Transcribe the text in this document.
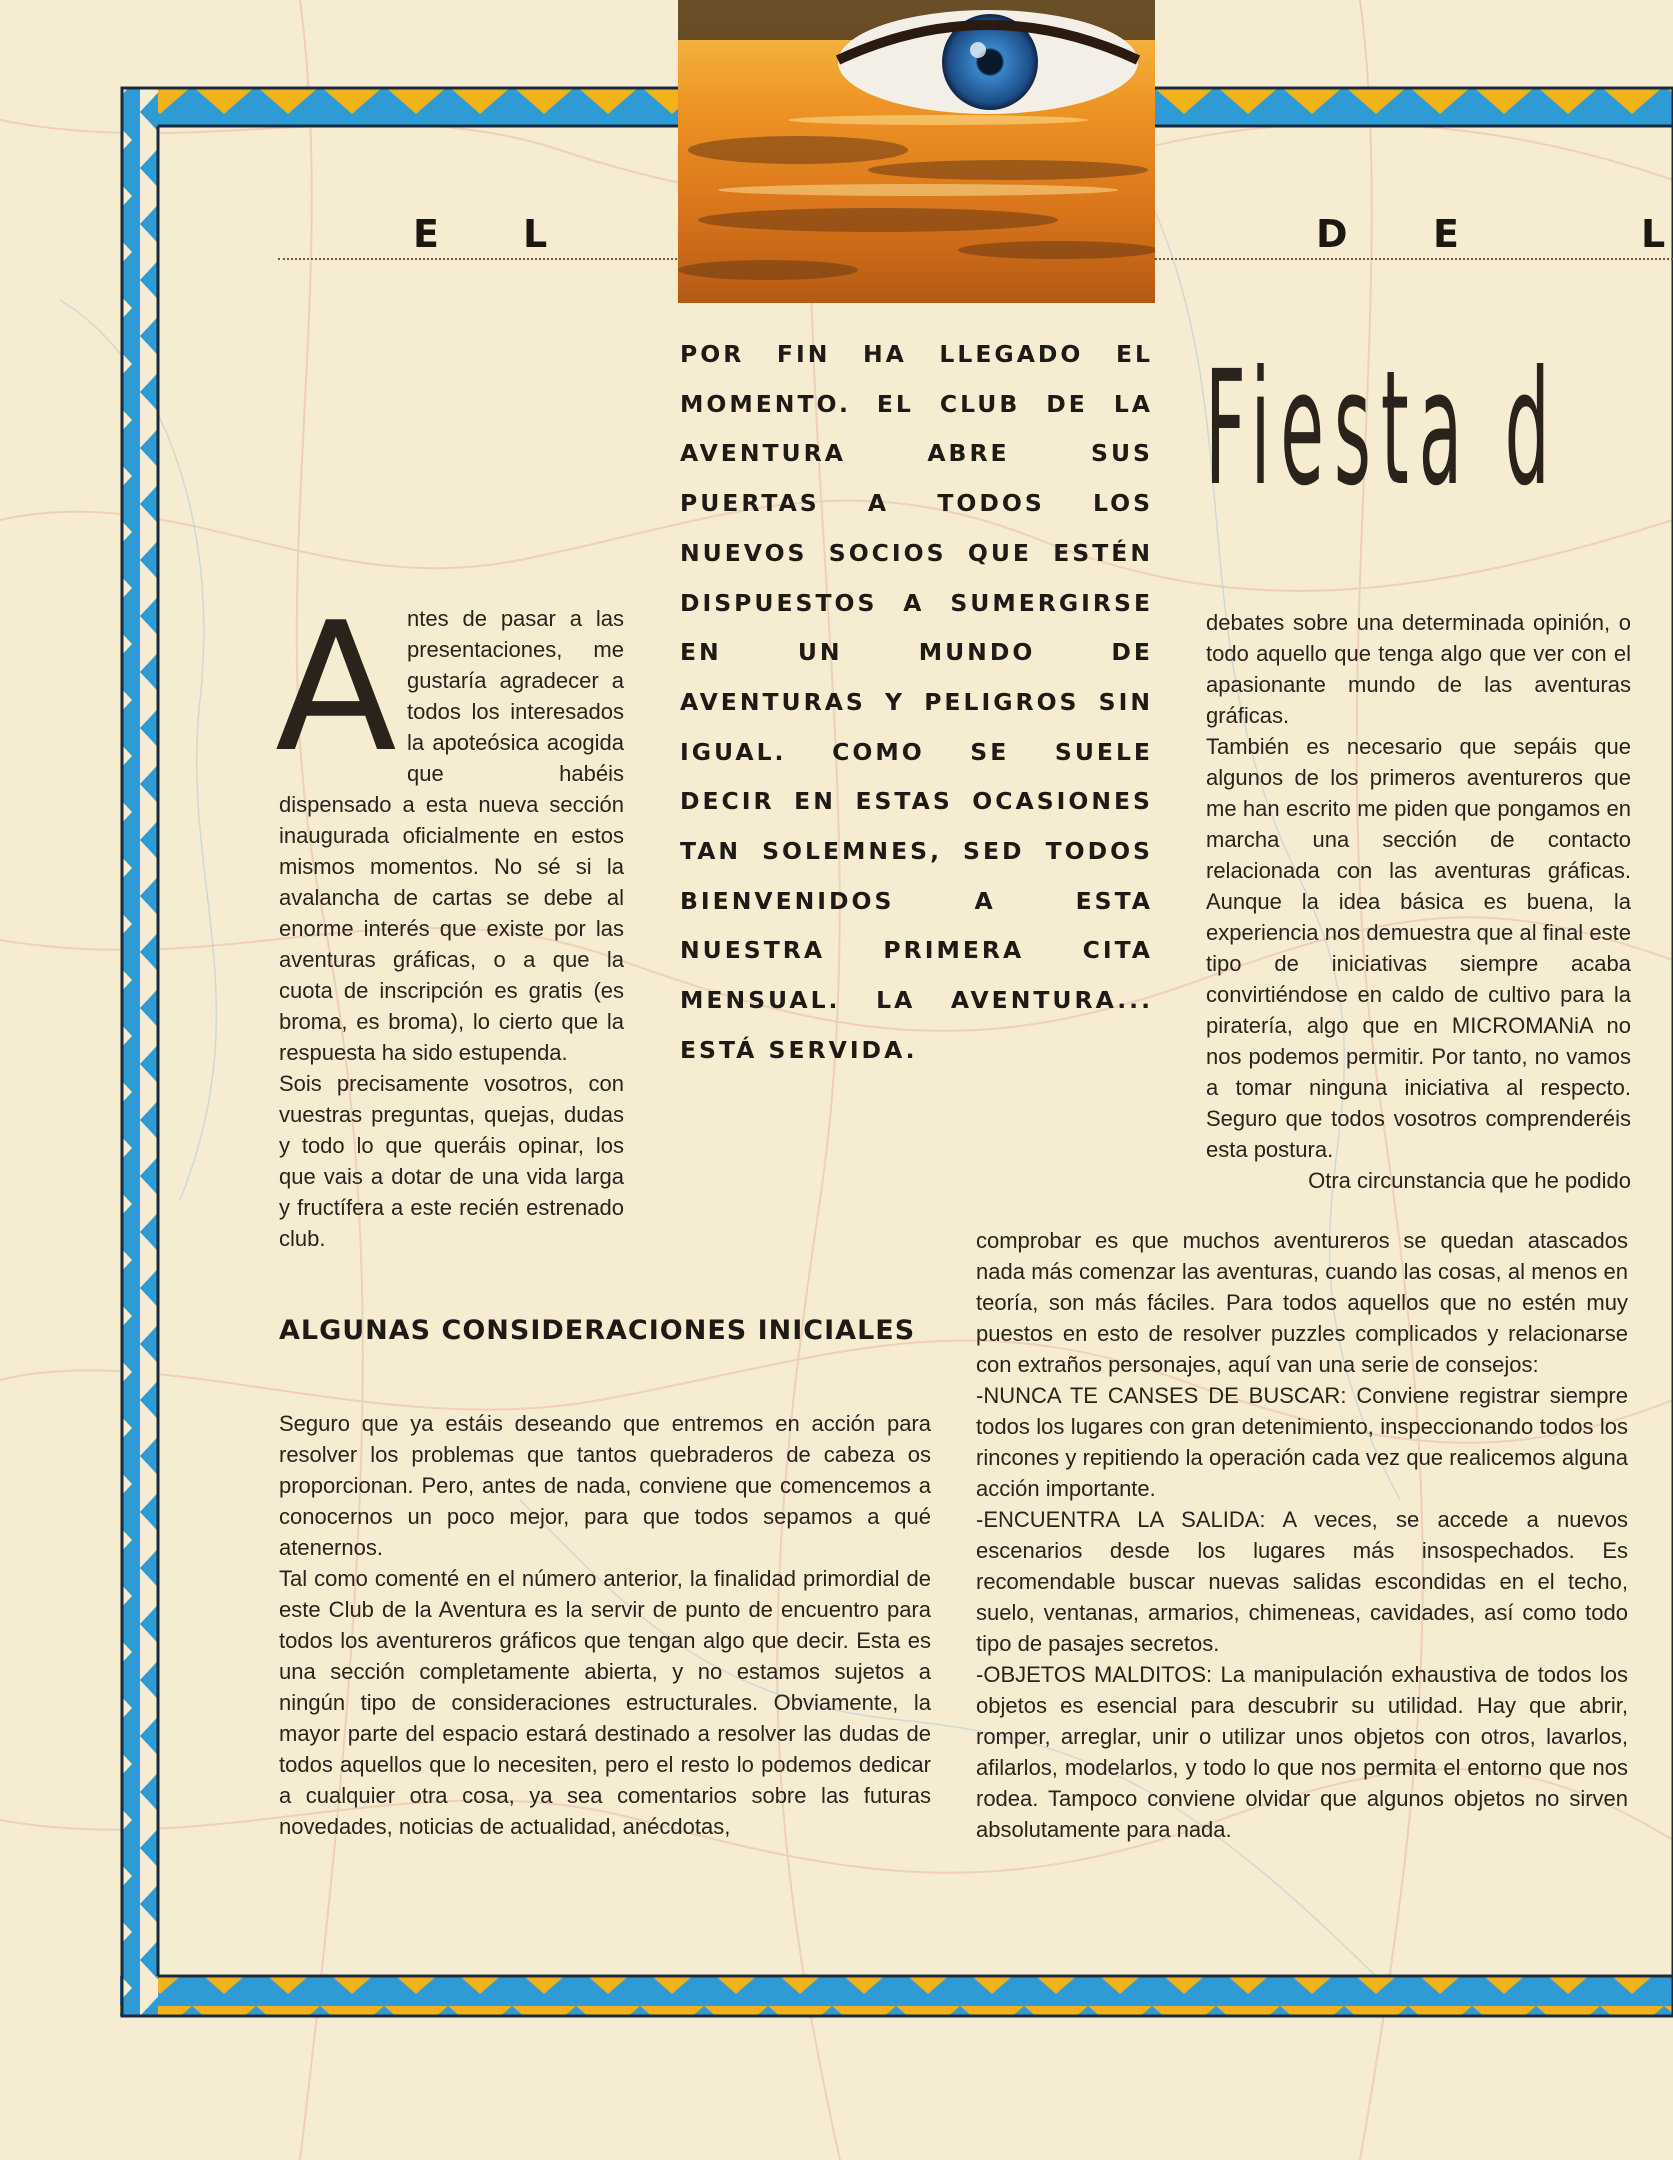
E L	D E	L
Fiesta d
POR FIN HA LLEGADO EL MOMENTO. EL CLUB DE LA AVENTURA ABRE SUS PUERTAS A TODOS LOS NUEVOS SOCIOS QUE ESTÉN DISPUESTOS A SUMERGIRSE EN UN MUNDO DE AVENTURAS Y PELIGROS SIN IGUAL. COMO SE SUELE DECIR EN ESTAS OCASIONES TAN SOLEMNES, SED TODOS BIENVENIDOS A ESTA NUESTRA PRIMERA CITA MENSUAL. LA AVENTURA... ESTÁ SERVIDA.

Antes de pasar a las presentaciones, me gustaría agradecer a todos los interesados la apoteósica acogida que habéis dispensado a esta nueva sección inaugurada oficialmente en estos mismos momentos. No sé si la avalancha de cartas se debe al enorme interés que existe por las aventuras gráficas, o a que la cuota de inscripción es gratis (es broma, es broma), lo cierto que la respuesta ha sido estupenda.

Sois precisamente vosotros, con vuestras preguntas, quejas, dudas y todo lo que queráis opinar, los que vais a dotar de una vida larga y fructífera a este recién estrenado club.

ALGUNAS CONSIDERACIONES INICIALES

Seguro que ya estáis deseando que entremos en acción para resolver los problemas que tantos quebraderos de cabeza os proporcionan. Pero, antes de nada, conviene que comencemos a conocernos un poco mejor, para que todos sepamos a qué atenernos.

Tal como comenté en el número anterior, la finalidad primordial de este Club de la Aventura es la servir de punto de encuentro para todos los aventureros gráficos que tengan algo que decir. Esta es una sección completamente abierta, y no estamos sujetos a ningún tipo de consideraciones estructurales. Obviamente, la mayor parte del espacio estará destinado a resolver las dudas de todos aquellos que lo necesiten, pero el resto lo podemos dedicar a cualquier otra cosa, ya sea comentarios sobre las futuras novedades, noticias de actualidad, anécdotas,

debates sobre una determinada opinión, o todo aquello que tenga algo que ver con el apasionante mundo de las aventuras gráficas.

También es necesario que sepáis que algunos de los primeros aventureros que me han escrito me piden que pongamos en marcha una sección de contacto relacionada con las aventuras gráficas. Aunque la idea básica es buena, la experiencia nos demuestra que al final este tipo de iniciativas siempre acaba convirtiéndose en caldo de cultivo para la piratería, algo que en MICROMANiA no nos podemos permitir. Por tanto, no vamos a tomar ninguna iniciativa al respecto. Seguro que todos vosotros comprenderéis esta postura.

Otra circunstancia que he podido

comprobar es que muchos aventureros se quedan atascados nada más comenzar las aventuras, cuando las cosas, al menos en teoría, son más fáciles. Para todos aquellos que no estén muy puestos en esto de resolver puzzles complicados y relacionarse con extraños personajes, aquí van una serie de consejos:

-NUNCA TE CANSES DE BUSCAR: Conviene registrar siempre todos los lugares con gran detenimiento, inspeccionando todos los rincones y repitiendo la operación cada vez que realicemos alguna acción importante.

-ENCUENTRA LA SALIDA: A veces, se accede a nuevos escenarios desde los lugares más insospechados. Es recomendable buscar nuevas salidas escondidas en el techo, suelo, ventanas, armarios, chimeneas, cavidades, así como todo tipo de pasajes secretos.

-OBJETOS MALDITOS: La manipulación exhaustiva de todos los objetos es esencial para descubrir su utilidad. Hay que abrir, romper, arreglar, unir o utilizar unos objetos con otros, lavarlos, afilarlos, modelarlos, y todo lo que nos permita el entorno que nos rodea. Tampoco conviene olvidar que algunos objetos no sirven absolutamente para nada.
